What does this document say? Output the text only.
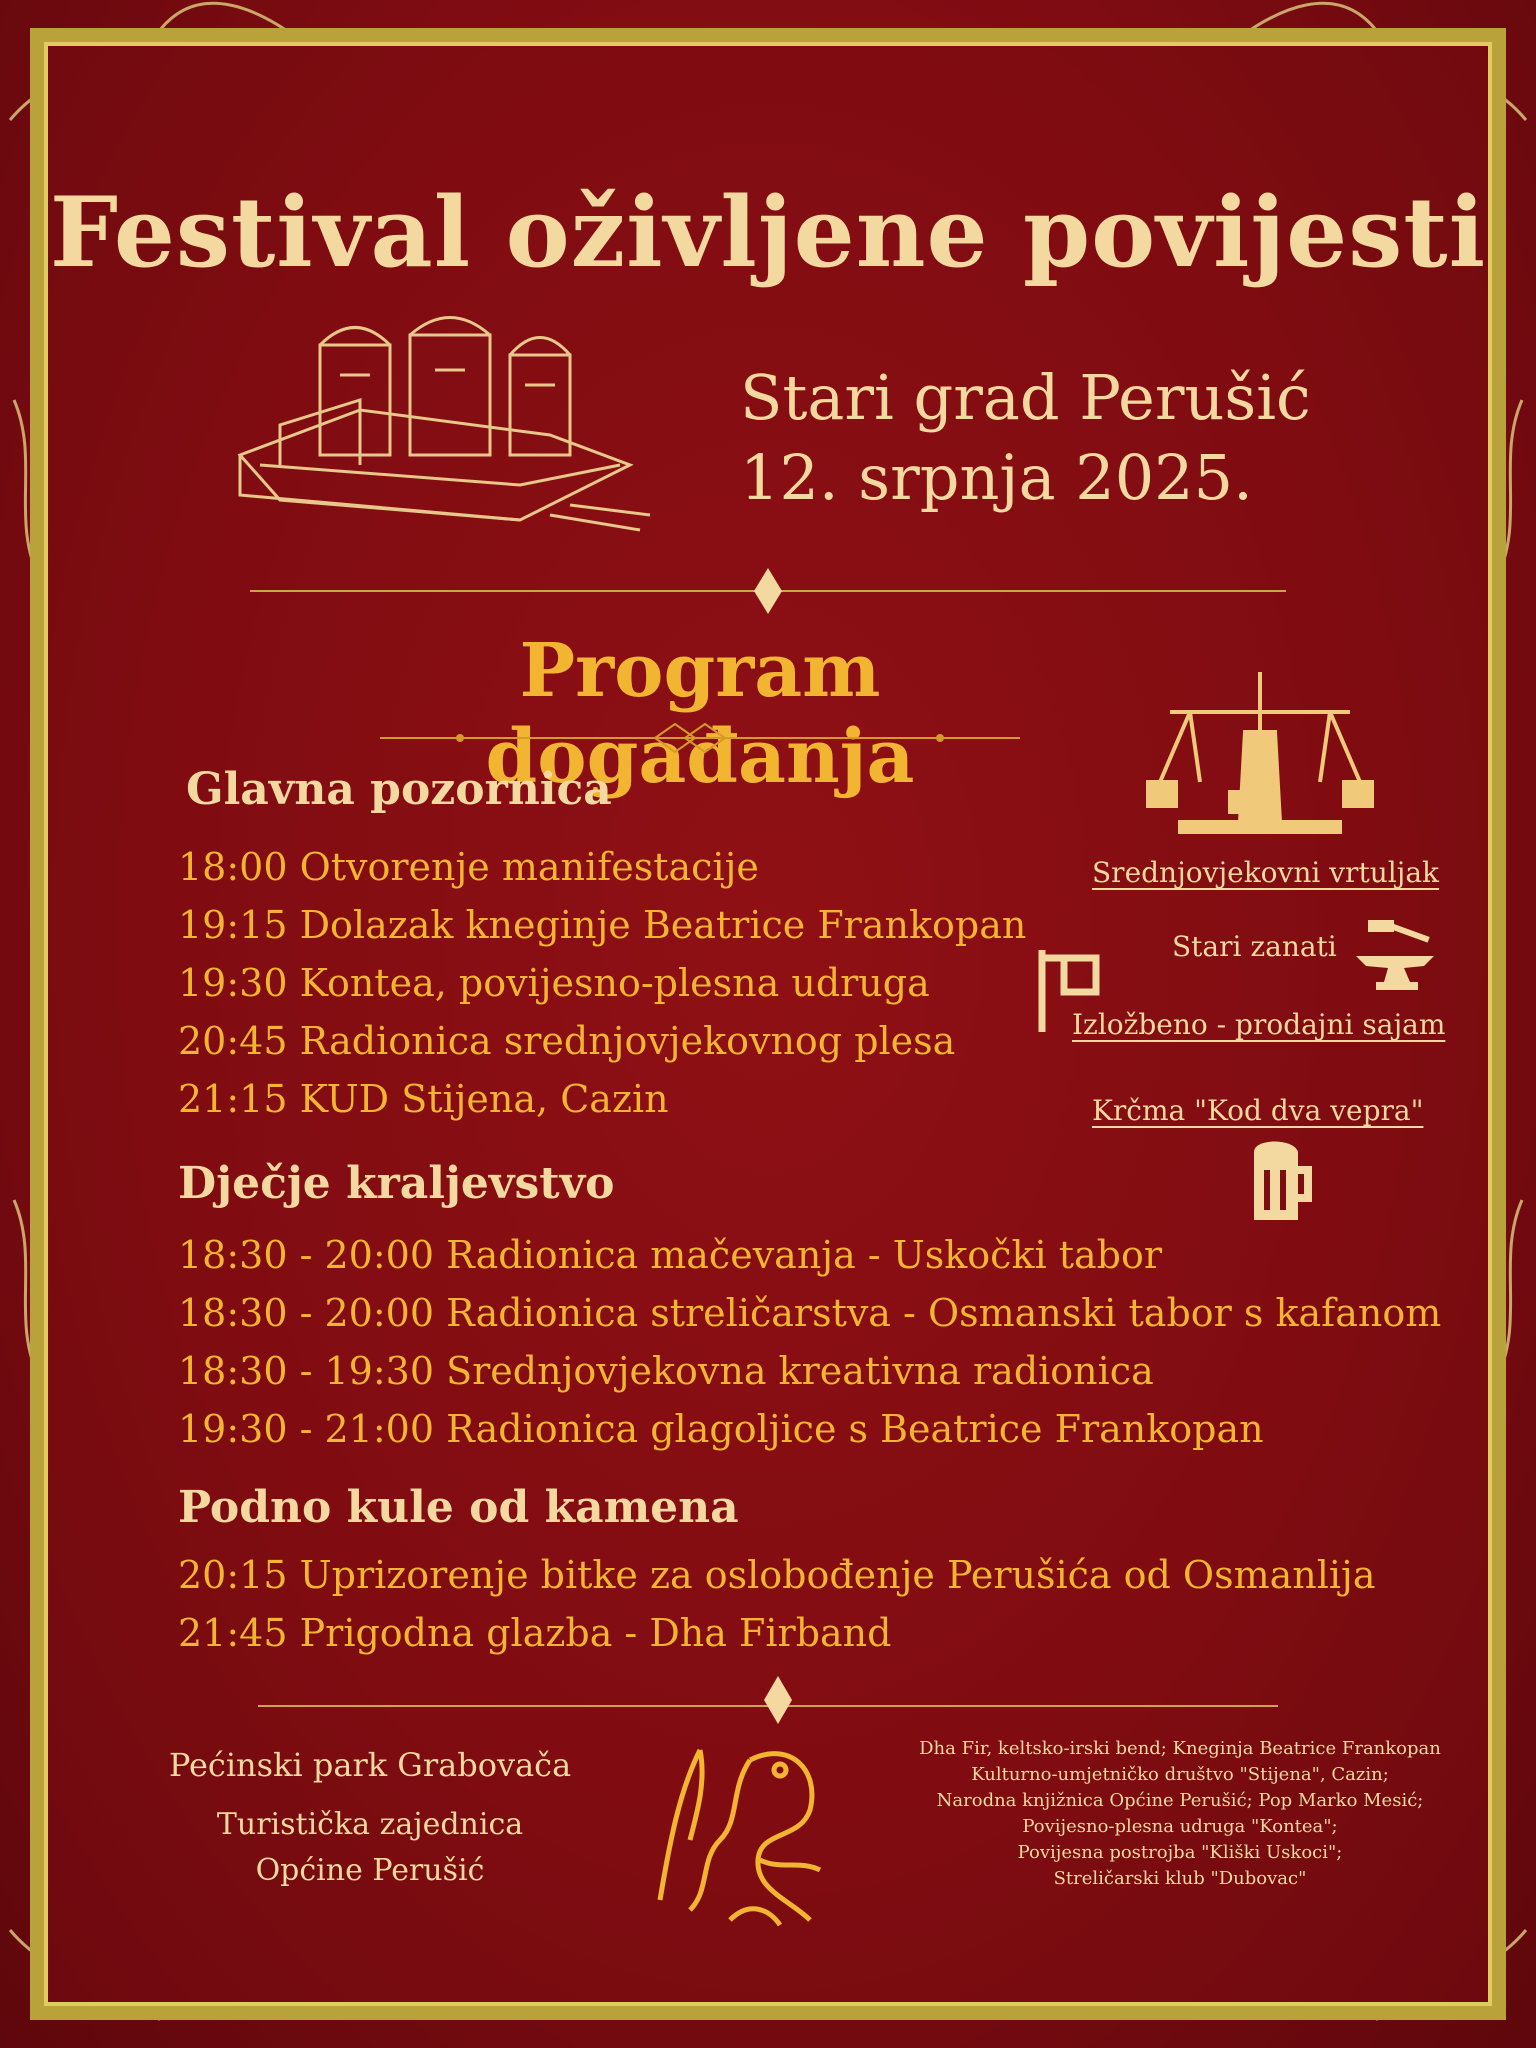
Festival oživljene povijesti
Stari grad Perušić
12. srpnja 2025.
Program događanja
Glavna pozornica
18:00 Otvorenje manifestacije
19:15 Dolazak kneginje Beatrice Frankopan
19:30 Kontea, povijesno-plesna udruga
20:45 Radionica srednjovjekovnog plesa
21:15 KUD Stijena, Cazin
Dječje kraljevstvo
18:30 - 20:00 Radionica mačevanja - Uskočki tabor
18:30 - 20:00 Radionica streličarstva - Osmanski tabor s kafanom
18:30 - 19:30 Srednjovjekovna kreativna radionica
19:30 - 21:00 Radionica glagoljice s Beatrice Frankopan
Podno kule od kamena
20:15 Uprizorenje bitke za oslobođenje Perušića od Osmanlija
21:45 Prigodna glazba - Dha Firband
Srednjovjekovni vrtuljak
Stari zanati
Izložbeno - prodajni sajam
Krčma "Kod dva vepra"
Pećinski park Grabovača
Turistička zajednica
Općine Perušić
Dha Fir, keltsko-irski bend; Kneginja Beatrice Frankopan
Kulturno-umjetničko društvo "Stijena", Cazin;
Narodna knjižnica Općine Perušić; Pop Marko Mesić;
Povijesno-plesna udruga "Kontea";
Povijesna postrojba "Kliški Uskoci";
Streličarski klub "Dubovac"
